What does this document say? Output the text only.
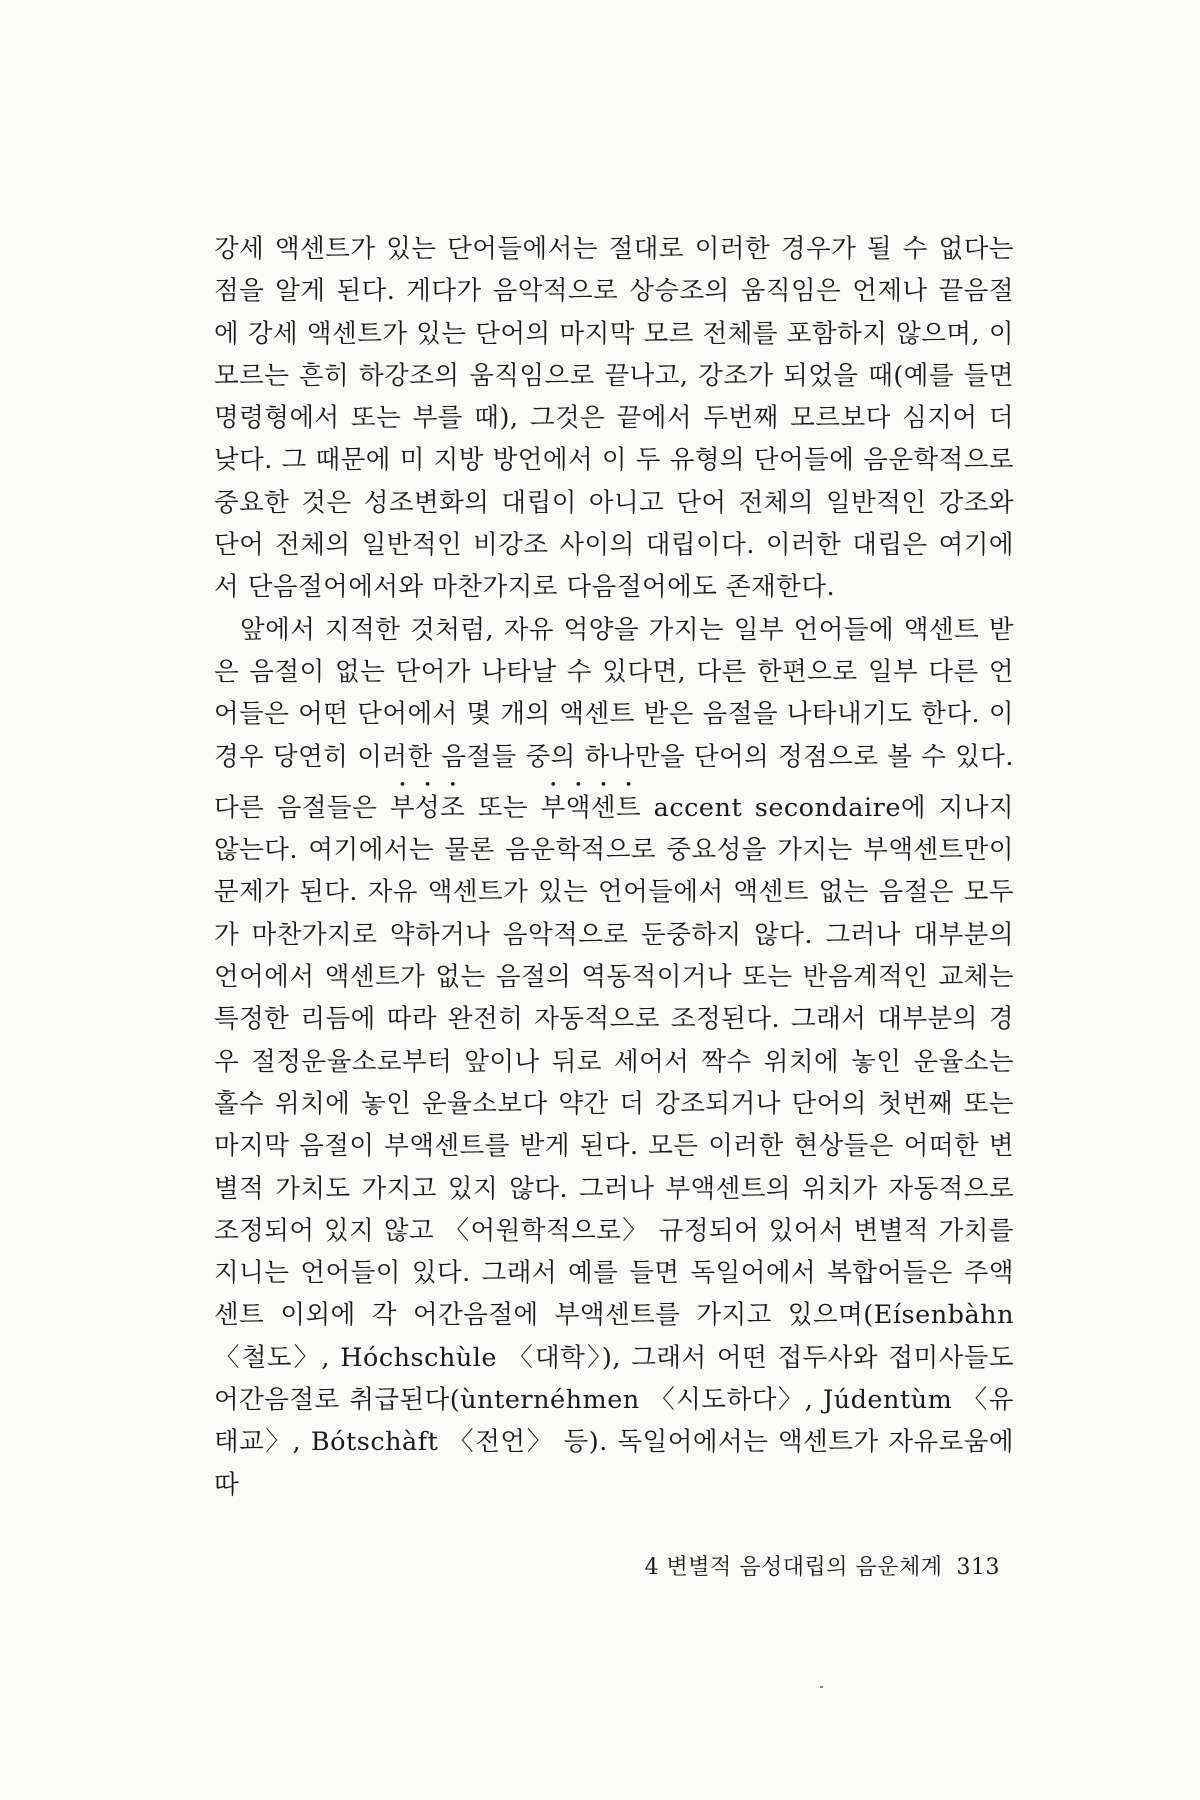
강세 액센트가 있는 단어들에서는 절대로 이러한 경우가 될 수 없다는 점을 알게 된다. 게다가 음악적으로 상승조의 움직임은 언제나 끝음절에 강세 액센트가 있는 단어의 마지막 모르 전체를 포함하지 않으며, 이 모르는 흔히 하강조의 움직임으로 끝나고, 강조가 되었을 때(예를 들면 명령형에서 또는 부를 때), 그것은 끝에서 두번째 모르보다 심지어 더 낮다. 그 때문에 미 지방 방언에서 이 두 유형의 단어들에 음운학적으로 중요한 것은 성조변화의 대립이 아니고 단어 전체의 일반적인 강조와 단어 전체의 일반적인 비강조 사이의 대립이다. 이러한 대립은 여기에서 단음절어에서와 마찬가지로 다음절어에도 존재한다.

앞에서 지적한 것처럼, 자유 억양을 가지는 일부 언어들에 액센트 받은 음절이 없는 단어가 나타날 수 있다면, 다른 한편으로 일부 다른 언어들은 어떤 단어에서 몇 개의 액센트 받은 음절을 나타내기도 한다. 이 경우 당연히 이러한 음절들 중의 하나만을 단어의 정점으로 볼 수 있다. 다른 음절들은 부성조 또는 부액센트 accent secondaire에 지나지 않는다. 여기에서는 물론 음운학적으로 중요성을 가지는 부액센트만이 문제가 된다. 자유 액센트가 있는 언어들에서 액센트 없는 음절은 모두가 마찬가지로 약하거나 음악적으로 둔중하지 않다. 그러나 대부분의 언어에서 액센트가 없는 음절의 역동적이거나 또는 반음계적인 교체는 특정한 리듬에 따라 완전히 자동적으로 조정된다. 그래서 대부분의 경우 절정운율소로부터 앞이나 뒤로 세어서 짝수 위치에 놓인 운율소는 홀수 위치에 놓인 운율소보다 약간 더 강조되거나 단어의 첫번째 또는 마지막 음절이 부액센트를 받게 된다. 모든 이러한 현상들은 어떠한 변별적 가치도 가지고 있지 않다. 그러나 부액센트의 위치가 자동적으로 조정되어 있지 않고 〈어원학적으로〉 규정되어 있어서 변별적 가치를 지니는 언어들이 있다. 그래서 예를 들면 독일어에서 복합어들은 주액센트 이외에 각 어간음절에 부액센트를 가지고 있으며(Eísenbàhn 〈철도〉, Hóchschùle 〈대학〉), 그래서 어떤 접두사와 접미사들도 어간음절로 취급된다(ùnternéhmen 〈시도하다〉, Júdentùm 〈유태교〉, Bótschàft 〈전언〉 등). 독일어에서는 액센트가 자유로움에 따

4 변별적 음성대립의 음운체계 313
